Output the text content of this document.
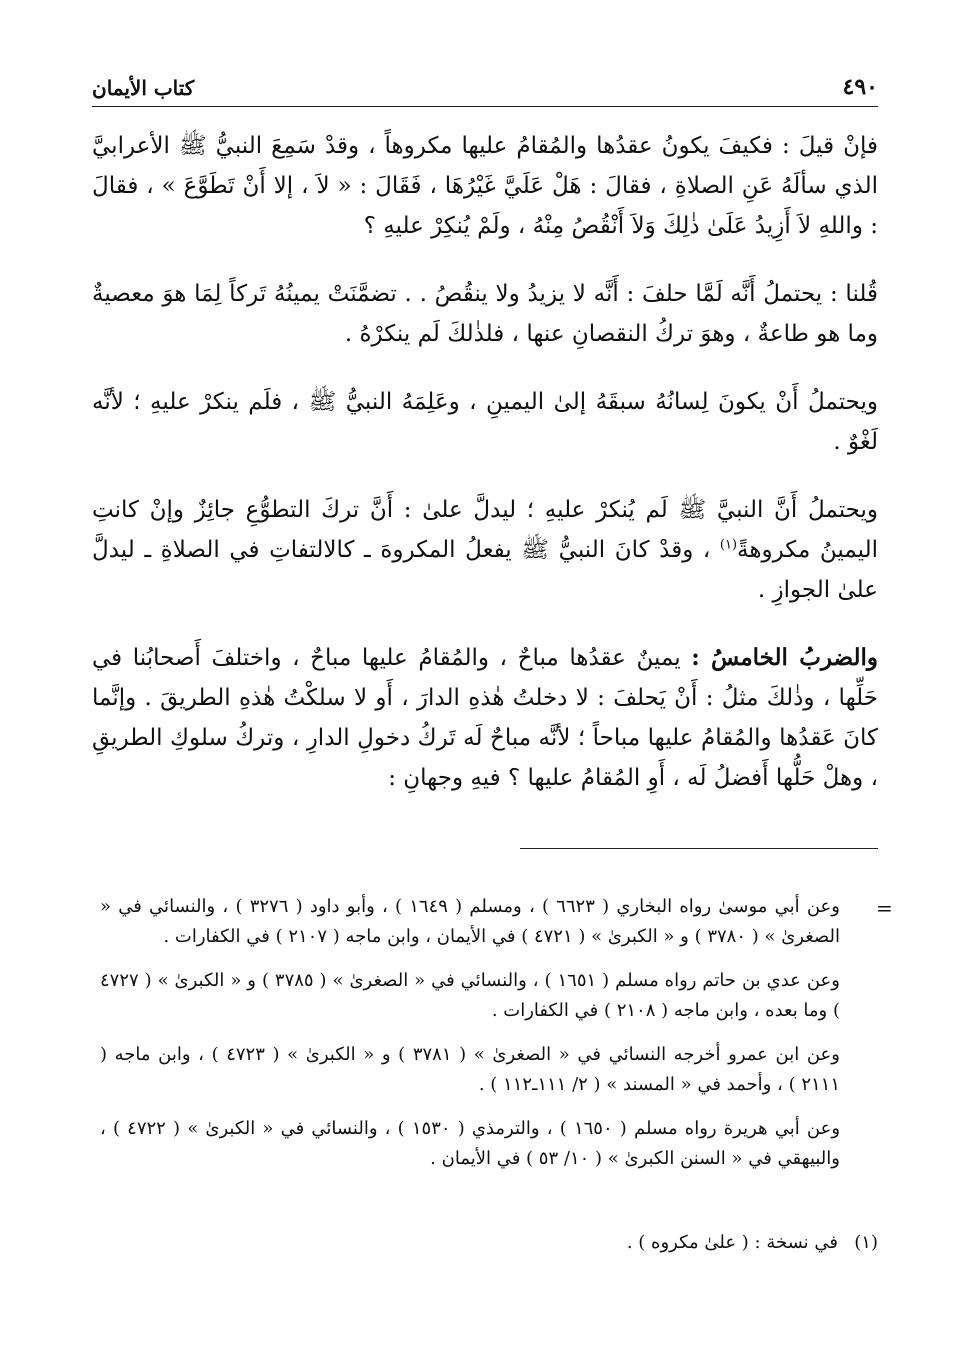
٤٩٠
كتاب الأيمان

فإنْ قيلَ : فكيفَ يكونُ عقدُها والمُقامُ عليها مكروهاً ، وقدْ سَمِعَ النبيُّ ﷺ الأعرابيَّ الذي سألَهُ عَنِ الصلاةِ ، فقالَ : هَلْ عَلَيَّ غَيْرُهَا ، فَقَالَ : « لاَ ، إلا أَنْ تَطَوَّعَ » ، فقالَ : واللهِ لاَ أَزِيدُ عَلَىٰ ذٰلِكَ وَلاَ أَنْقُصُ مِنْهُ ، ولَمْ يُنكِرْ عليهِ ؟

قُلنا : يحتملُ أَنَّه لَمَّا حلفَ : أَنَّه لا يزيدُ ولا ينقُصُ . . تضمَّنَتْ يمينُهُ تَركاً لِمَا هوَ معصيةٌ وما هو طاعةٌ ، وهوَ تركُ النقصانِ عنها ، فلذٰلكَ لَم ينكرْهُ .

ويحتملُ أَنْ يكونَ لِسانُهُ سبقَهُ إلىٰ اليمينِ ، وعَلِمَهُ النبيُّ ﷺ ، فلَم ينكرْ عليهِ ؛ لأنَّه لَغْوٌ .

ويحتملُ أَنَّ النبيَّ ﷺ لَم يُنكرْ عليهِ ؛ ليدلَّ علىٰ : أَنَّ تركَ التطوُّعِ جائِزٌ وإنْ كانتِ اليمينُ مكروهةً$^{(١)}$ ، وقدْ كانَ النبيُّ ﷺ يفعلُ المكروهَ ـ كالالتفاتِ في الصلاةِ ـ ليدلَّ علىٰ الجوازِ .

والضربُ الخامسُ : يمينٌ عقدُها مباحٌ ، والمُقامُ عليها مباحٌ ، واختلفَ أَصحابُنا في حَلِّها ، وذٰلكَ مثلُ : أَنْ يَحلفَ : لا دخلتُ هٰذهِ الدارَ ، أَو لا سلكْتُ هٰذهِ الطريقَ . وإنَّما كانَ عَقدُها والمُقامُ عليها مباحاً ؛ لأنَّه مباحٌ لَه تَركُ دخولِ الدارِ ، وتركُ سلوكِ الطريقِ ، وهلْ حَلُّها أَفضلُ لَه ، أَوِ المُقامُ عليها ؟ فيهِ وجهانِ :

=

وعن أبي موسىٰ رواه البخاري ( ٦٦٢٣ ) ، ومسلم ( ١٦٤٩ ) ، وأبو داود ( ٣٢٧٦ ) ، والنسائي في « الصغرىٰ » ( ٣٧٨٠ ) و « الكبرىٰ » ( ٤٧٢١ ) في الأيمان ، وابن ماجه ( ٢١٠٧ ) في الكفارات .

وعن عدي بن حاتم رواه مسلم ( ١٦٥١ ) ، والنسائي في « الصغرىٰ » ( ٣٧٨٥ ) و « الكبرىٰ » ( ٤٧٢٧ ) وما بعده ، وابن ماجه ( ٢١٠٨ ) في الكفارات .

وعن ابن عمرو أخرجه النسائي في « الصغرىٰ » ( ٣٧٨١ ) و « الكبرىٰ » ( ٤٧٢٣ ) ، وابن ماجه ( ٢١١١ ) ، وأحمد في « المسند » ( ٢/ ١١١ـ١١٢ ) .

وعن أبي هريرة رواه مسلم ( ١٦٥٠ ) ، والترمذي ( ١٥٣٠ ) ، والنسائي في « الكبرىٰ » ( ٤٧٢٢ ) ، والبيهقي في « السنن الكبرىٰ » ( ١٠/ ٥٣ ) في الأيمان .

(١)في نسخة : ( علىٰ مكروه ) .
